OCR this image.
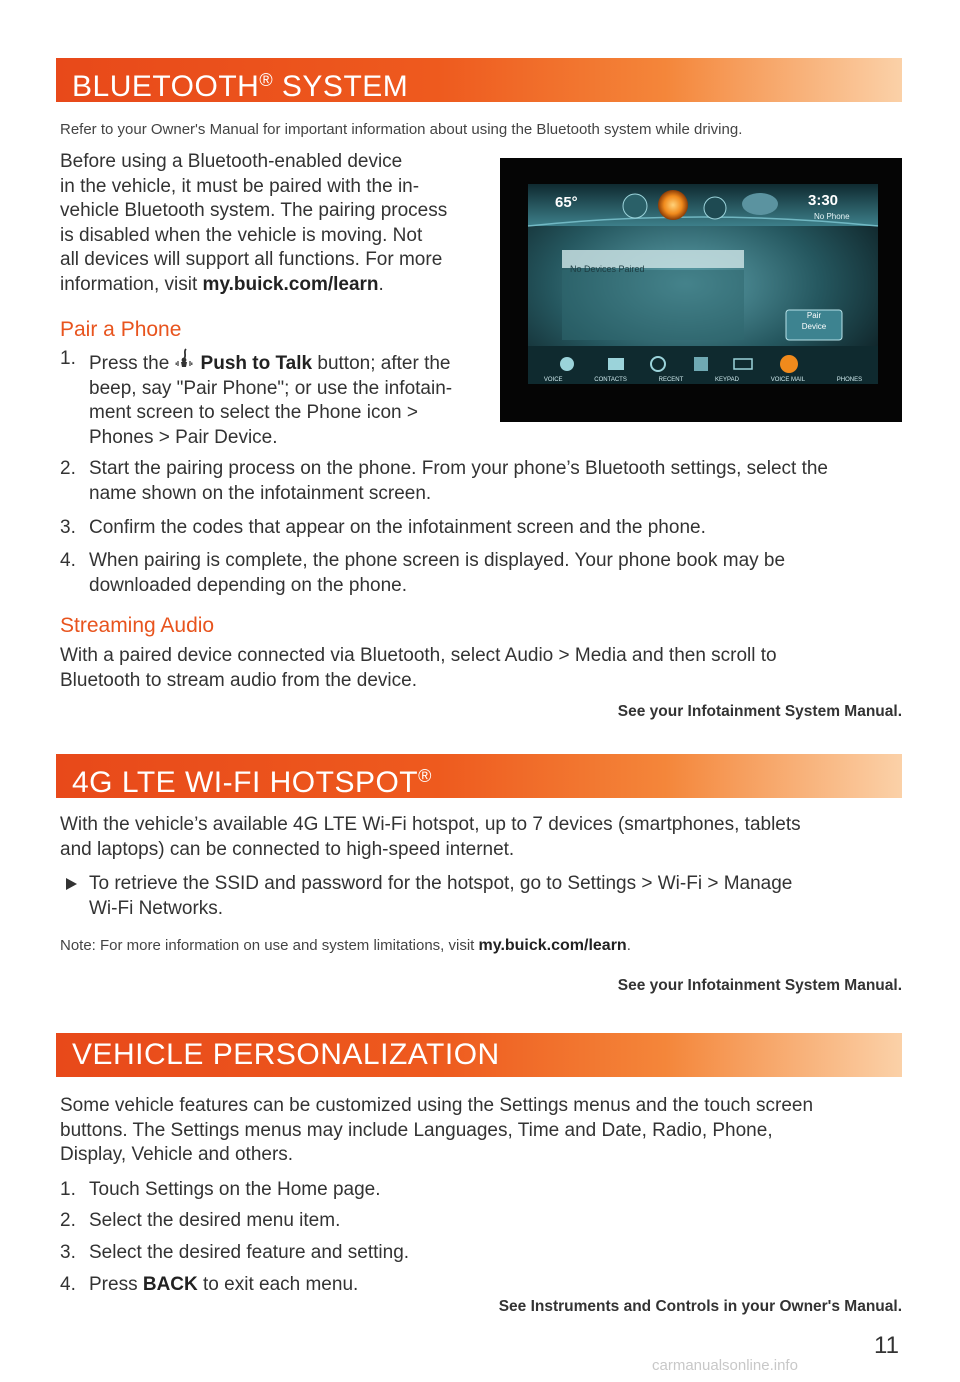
BLUETOOTH® SYSTEM
Refer to your Owner's Manual for important information about using the Bluetooth system while driving.
Before using a Bluetooth-enabled device
in the vehicle, it must be paired with the in-
vehicle Bluetooth system. The pairing process
is disabled when the vehicle is moving. Not
all devices will support all functions. For more
information, visit my.buick.com/learn.
Pair a Phone
1. Press the Push to Talk button; after the
beep, say "Pair Phone"; or use the infotain-
ment screen to select the Phone icon >
Phones > Pair Device.
2. Start the pairing process on the phone. From your phone’s Bluetooth settings, select the
name shown on the infotainment screen.
3. Confirm the codes that appear on the infotainment screen and the phone.
4. When pairing is complete, the phone screen is displayed. Your phone book may be
downloaded depending on the phone.
Streaming Audio
With a paired device connected via Bluetooth, select Audio > Media and then scroll to
Bluetooth to stream audio from the device.
See your Infotainment System Manual.
65°	3:30
No Phone
No Devices Paired
Pair
Device
VOICE	CONTACTS	RECENT	KEYPAD	VOICE MAIL	PHONES
4G LTE WI-FI HOTSPOT®
With the vehicle’s available 4G LTE Wi-Fi hotspot, up to 7 devices (smartphones, tablets
and laptops) can be connected to high-speed internet.
To retrieve the SSID and password for the hotspot, go to Settings > Wi-Fi > Manage
Wi-Fi Networks.
Note: For more information on use and system limitations, visit my.buick.com/learn.
See your Infotainment System Manual.
VEHICLE PERSONALIZATION
Some vehicle features can be customized using the Settings menus and the touch screen
buttons. The Settings menus may include Languages, Time and Date, Radio, Phone,
Display, Vehicle and others.
1. Touch Settings on the Home page.
2. Select the desired menu item.
3. Select the desired feature and setting.
4. Press BACK to exit each menu.
See Instruments and Controls in your Owner's Manual.
11
carmanualsonline.info
